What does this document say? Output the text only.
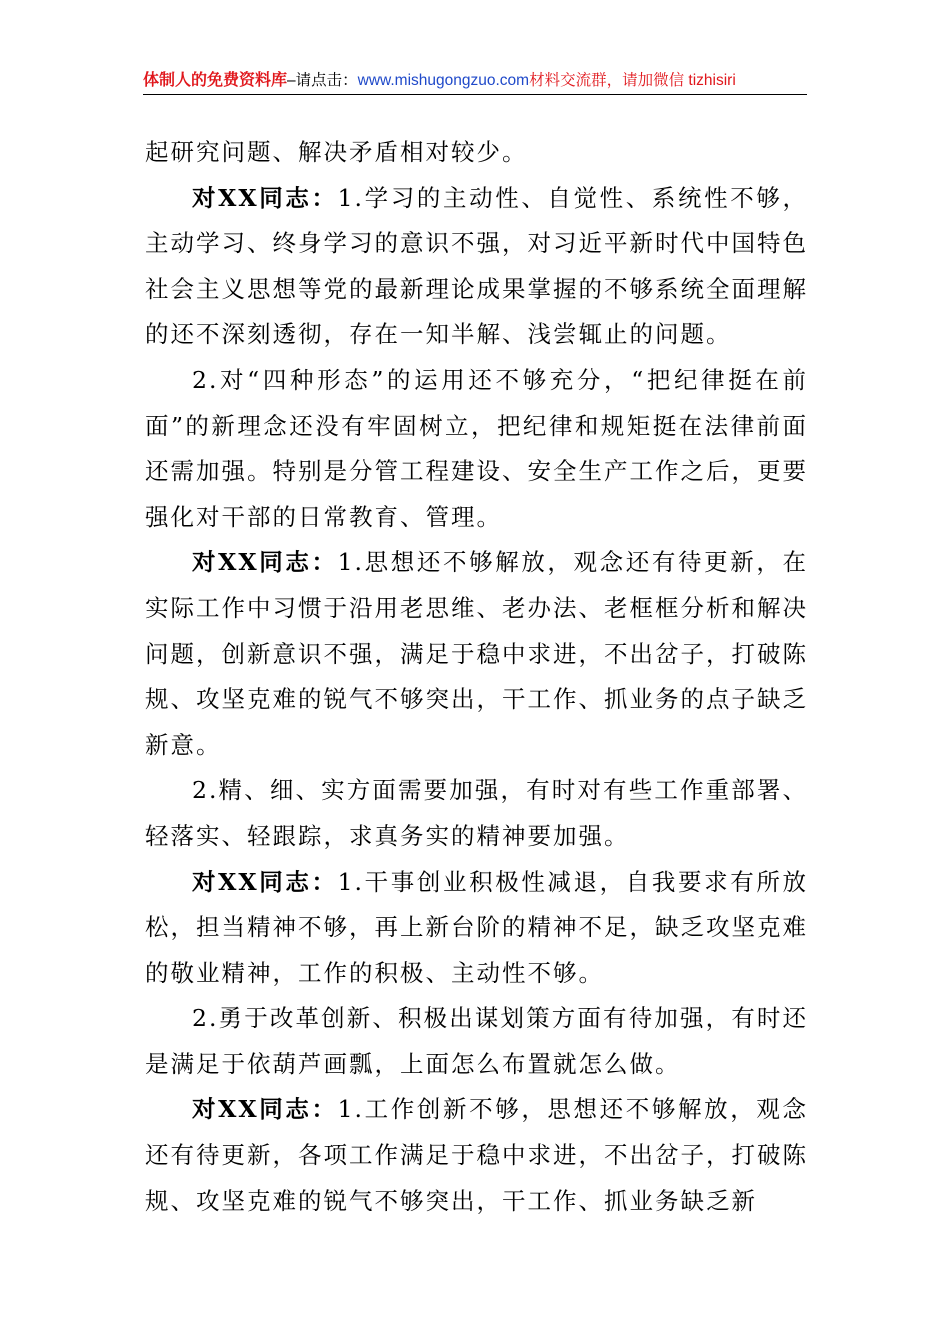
体制人的免费资料库–请点击：www.mishugongzuo.com材料交流群，请加微信 tizhisiri

起研究问题、解决矛盾相对较少。

对XX同志：1.学习的主动性、自觉性、系统性不够，主动学习、终身学习的意识不强，对习近平新时代中国特色社会主义思想等党的最新理论成果掌握的不够系统全面理解的还不深刻透彻，存在一知半解、浅尝辄止的问题。

2.对“四种形态”的运用还不够充分，“把纪律挺在前面”的新理念还没有牢固树立，把纪律和规矩挺在法律前面还需加强。特别是分管工程建设、安全生产工作之后，更要强化对干部的日常教育、管理。

对XX同志：1.思想还不够解放，观念还有待更新，在实际工作中习惯于沿用老思维、老办法、老框框分析和解决问题，创新意识不强，满足于稳中求进，不出岔子，打破陈规、攻坚克难的锐气不够突出，干工作、抓业务的点子缺乏新意。

2.精、细、实方面需要加强，有时对有些工作重部署、轻落实、轻跟踪，求真务实的精神要加强。

对XX同志：1.干事创业积极性减退，自我要求有所放松，担当精神不够，再上新台阶的精神不足，缺乏攻坚克难的敬业精神，工作的积极、主动性不够。

2.勇于改革创新、积极出谋划策方面有待加强，有时还是满足于依葫芦画瓢，上面怎么布置就怎么做。

对XX同志：1.工作创新不够，思想还不够解放，观念还有待更新，各项工作满足于稳中求进，不出岔子，打破陈规、攻坚克难的锐气不够突出，干工作、抓业务缺乏新
